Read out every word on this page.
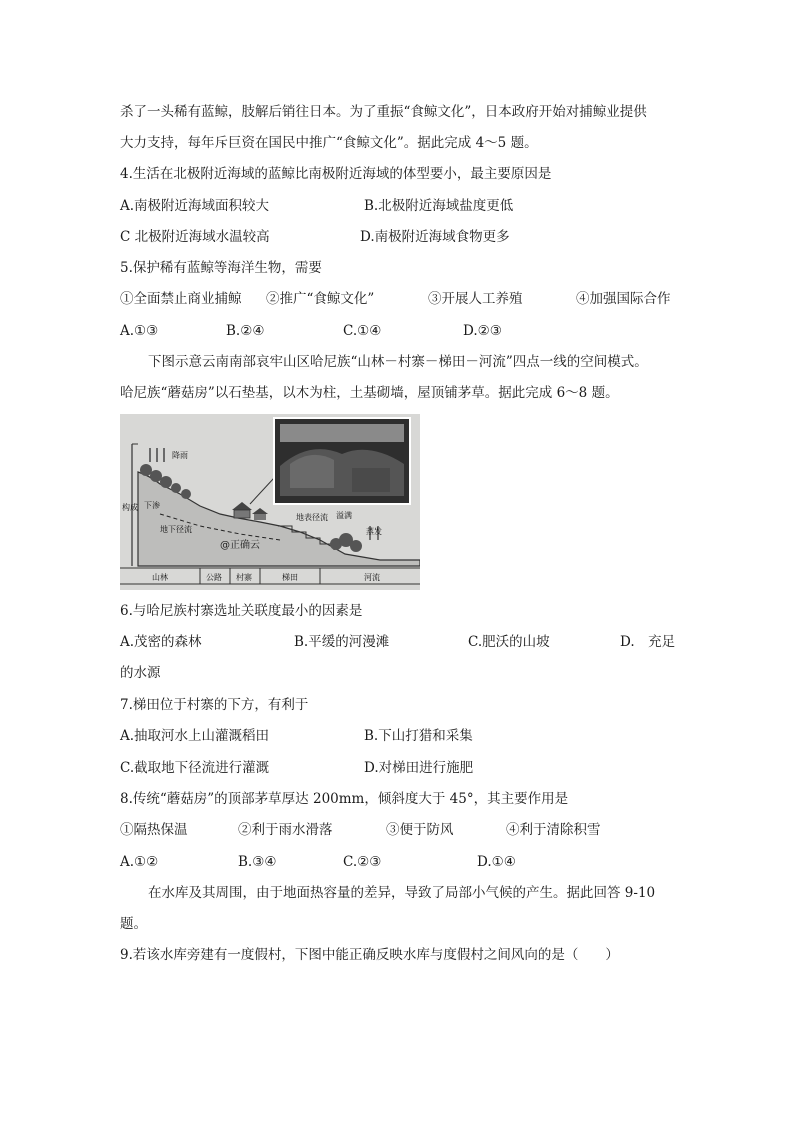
杀了一头稀有蓝鲸，肢解后销往日本。为了重振“食鲸文化”，日本政府开始对捕鲸业提供
大力支持，每年斥巨资在国民中推广“食鲸文化”。据此完成 4～5 题。
4.生活在北极附近海域的蓝鲸比南极附近海域的体型要小，最主要原因是
A.南极附近海域面积较大	B.北极附近海域盐度更低
C 北极附近海域水温较高	D.南极附近海域食物更多
5.保护稀有蓝鲸等海洋生物，需要
①全面禁止商业捕鲸 ②推广“食鲸文化”	③开展人工养殖	④加强国际合作
A.①③	B.②④	C.①④	D.②③
下图示意云南南部哀牢山区哈尼族“山林－村寨－梯田－河流”四点一线的空间模式。
哈尼族“蘑菇房”以石垫基，以木为柱，土基砌墙，屋顶铺茅草。据此完成 6～8 题。
降雨
构成 下渗
地下径流
地表径流 溢满
蒸发
@正确云
山林	公路 村寨	梯田	河流
6.与哈尼族村寨选址关联度最小的因素是
A.茂密的森林	B.平缓的河漫滩	C.肥沃的山坡	D.　充足
的水源
7.梯田位于村寨的下方，有利于
A.抽取河水上山灌溉稻田	B.下山打猎和采集
C.截取地下径流进行灌溉	D.对梯田进行施肥
8.传统“蘑菇房”的顶部茅草厚达 200mm，倾斜度大于 45°，其主要作用是
①隔热保温	②利于雨水滑落	③便于防风	④利于清除积雪
A.①②	B.③④	C.②③	D.①④
在水库及其周围，由于地面热容量的差异，导致了局部小气候的产生。据此回答 9-10
题。
9.若该水库旁建有一度假村，下图中能正确反映水库与度假村之间风向的是（　　）
